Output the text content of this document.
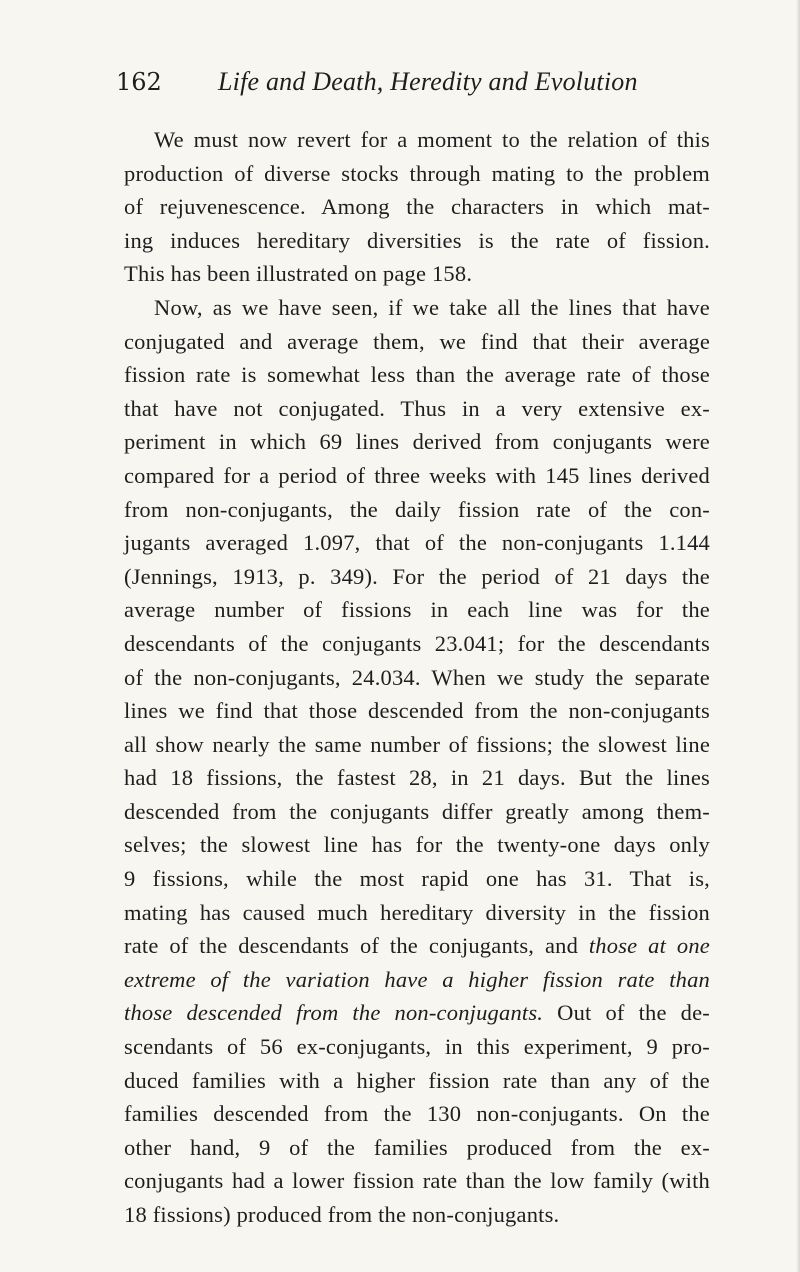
162 Life and Death, Heredity and Evolution
We must now revert for a moment to the relation of this
production of diverse stocks through mating to the problem
of rejuvenescence. Among the characters in which mat-
ing induces hereditary diversities is the rate of fission.
This has been illustrated on page 158.
Now, as we have seen, if we take all the lines that have
conjugated and average them, we find that their average
fission rate is somewhat less than the average rate of those
that have not conjugated. Thus in a very extensive ex-
periment in which 69 lines derived from conjugants were
compared for a period of three weeks with 145 lines derived
from non-conjugants, the daily fission rate of the con-
jugants averaged 1.097, that of the non-conjugants 1.144
(Jennings, 1913, p. 349). For the period of 21 days the
average number of fissions in each line was for the
descendants of the conjugants 23.041; for the descendants
of the non-conjugants, 24.034. When we study the separate
lines we find that those descended from the non-conjugants
all show nearly the same number of fissions; the slowest line
had 18 fissions, the fastest 28, in 21 days. But the lines
descended from the conjugants differ greatly among them-
selves; the slowest line has for the twenty-one days only
9 fissions, while the most rapid one has 31. That is,
mating has caused much hereditary diversity in the fission
rate of the descendants of the conjugants, and those at one
extreme of the variation have a higher fission rate than
those descended from the non-conjugants. Out of the de-
scendants of 56 ex-conjugants, in this experiment, 9 pro-
duced families with a higher fission rate than any of the
families descended from the 130 non-conjugants. On the
other hand, 9 of the families produced from the ex-
conjugants had a lower fission rate than the low family (with
18 fissions) produced from the non-conjugants.
